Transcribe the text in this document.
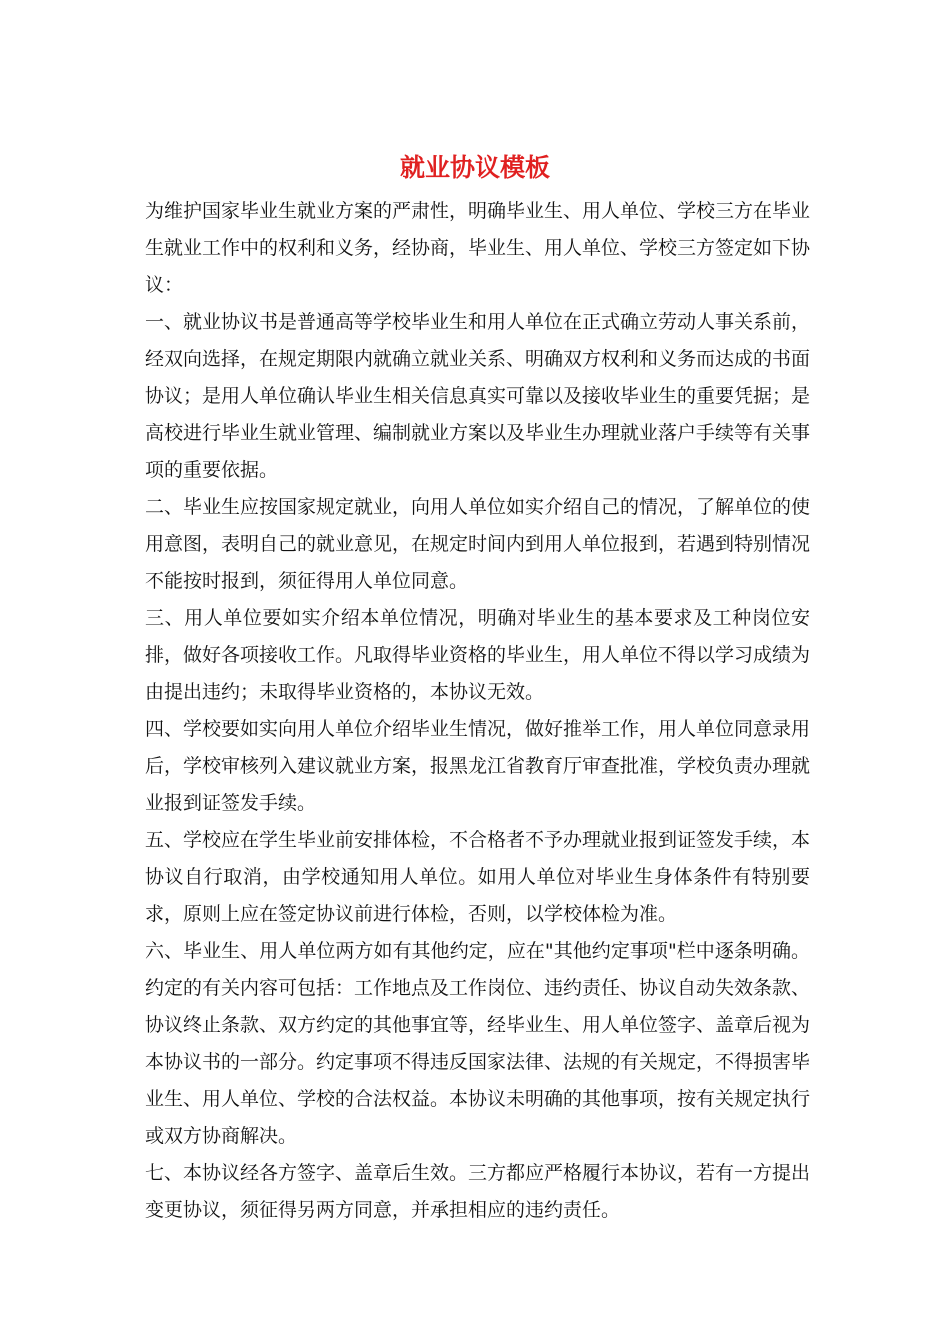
就业协议模板

为维护国家毕业生就业方案的严肃性，明确毕业生、用人单位、学校三方在毕业生就业工作中的权利和义务，经协商，毕业生、用人单位、学校三方签定如下协议：

一、就业协议书是普通高等学校毕业生和用人单位在正式确立劳动人事关系前，经双向选择，在规定期限内就确立就业关系、明确双方权利和义务而达成的书面协议；是用人单位确认毕业生相关信息真实可靠以及接收毕业生的重要凭据；是高校进行毕业生就业管理、编制就业方案以及毕业生办理就业落户手续等有关事项的重要依据。

二、毕业生应按国家规定就业，向用人单位如实介绍自己的情况，了解单位的使用意图，表明自己的就业意见，在规定时间内到用人单位报到，若遇到特别情况不能按时报到，须征得用人单位同意。

三、用人单位要如实介绍本单位情况，明确对毕业生的基本要求及工种岗位安排，做好各项接收工作。凡取得毕业资格的毕业生，用人单位不得以学习成绩为由提出违约；未取得毕业资格的，本协议无效。

四、学校要如实向用人单位介绍毕业生情况，做好推举工作，用人单位同意录用后，学校审核列入建议就业方案，报黑龙江省教育厅审查批准，学校负责办理就业报到证签发手续。

五、学校应在学生毕业前安排体检，不合格者不予办理就业报到证签发手续，本协议自行取消，由学校通知用人单位。如用人单位对毕业生身体条件有特别要求，原则上应在签定协议前进行体检，否则，以学校体检为准。

六、毕业生、用人单位两方如有其他约定，应在"其他约定事项"栏中逐条明确。约定的有关内容可包括：工作地点及工作岗位、违约责任、协议自动失效条款、协议终止条款、双方约定的其他事宜等，经毕业生、用人单位签字、盖章后视为本协议书的一部分。约定事项不得违反国家法律、法规的有关规定，不得损害毕业生、用人单位、学校的合法权益。本协议未明确的其他事项，按有关规定执行或双方协商解决。

七、本协议经各方签字、盖章后生效。三方都应严格履行本协议，若有一方提出变更协议，须征得另两方同意，并承担相应的违约责任。
